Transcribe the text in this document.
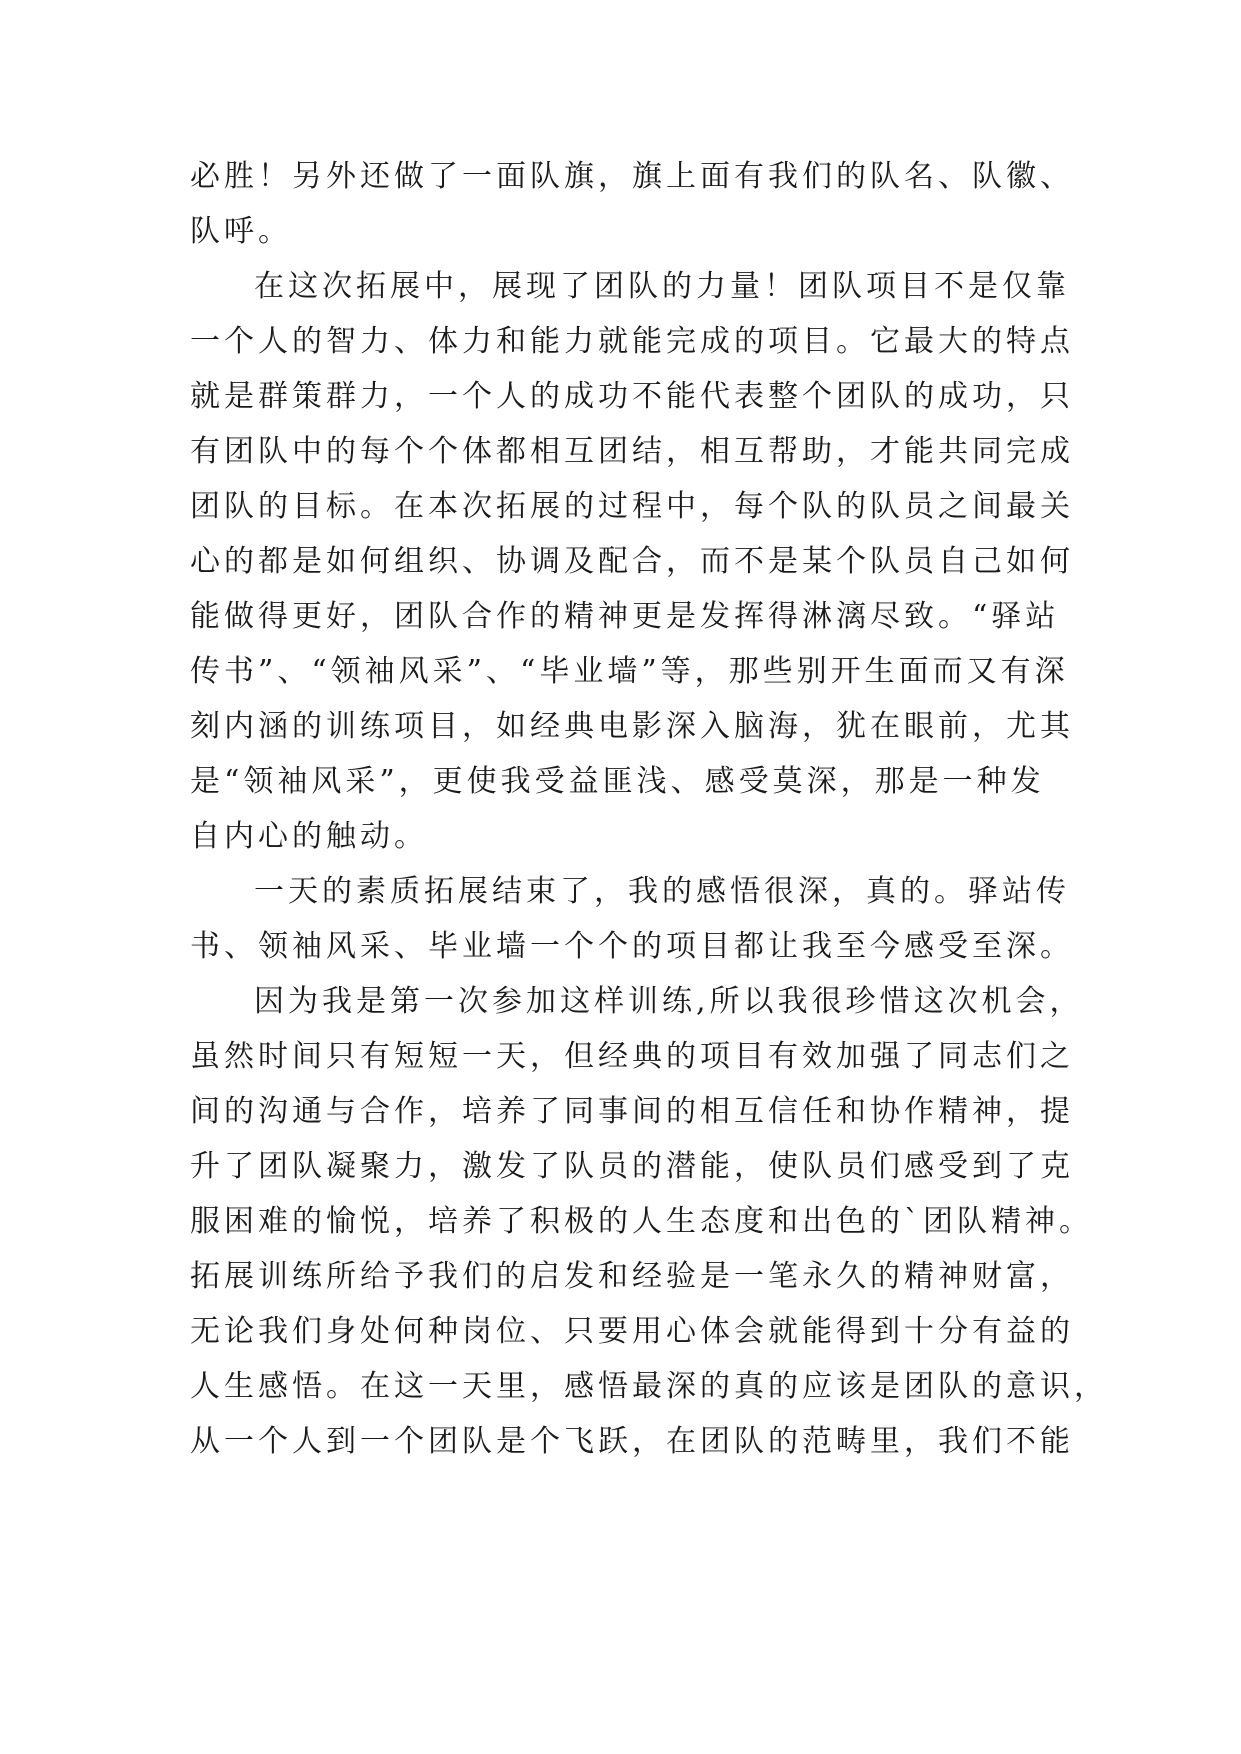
必胜！另外还做了一面队旗，旗上面有我们的队名、队徽、
队呼。
在这次拓展中，展现了团队的力量！团队项目不是仅靠
一个人的智力、体力和能力就能完成的项目。它最大的特点
就是群策群力，一个人的成功不能代表整个团队的成功，只
有团队中的每个个体都相互团结，相互帮助，才能共同完成
团队的目标。在本次拓展的过程中，每个队的队员之间最关
心的都是如何组织、协调及配合，而不是某个队员自己如何
能做得更好，团队合作的精神更是发挥得淋漓尽致。“驿站
传书”、“领袖风采”、“毕业墙”等，那些别开生面而又有深
刻内涵的训练项目，如经典电影深入脑海，犹在眼前，尤其
是“领袖风采”，更使我受益匪浅、感受莫深，那是一种发
自内心的触动。
一天的素质拓展结束了，我的感悟很深，真的。驿站传
书、领袖风采、毕业墙一个个的项目都让我至今感受至深。
因为我是第一次参加这样训练,所以我很珍惜这次机会，
虽然时间只有短短一天，但经典的项目有效加强了同志们之
间的沟通与合作，培养了同事间的相互信任和协作精神，提
升了团队凝聚力，激发了队员的潜能，使队员们感受到了克
服困难的愉悦，培养了积极的人生态度和出色的`团队精神。
拓展训练所给予我们的启发和经验是一笔永久的精神财富，
无论我们身处何种岗位、只要用心体会就能得到十分有益的
人生感悟。在这一天里，感悟最深的真的应该是团队的意识，
从一个人到一个团队是个飞跃，在团队的范畴里，我们不能
